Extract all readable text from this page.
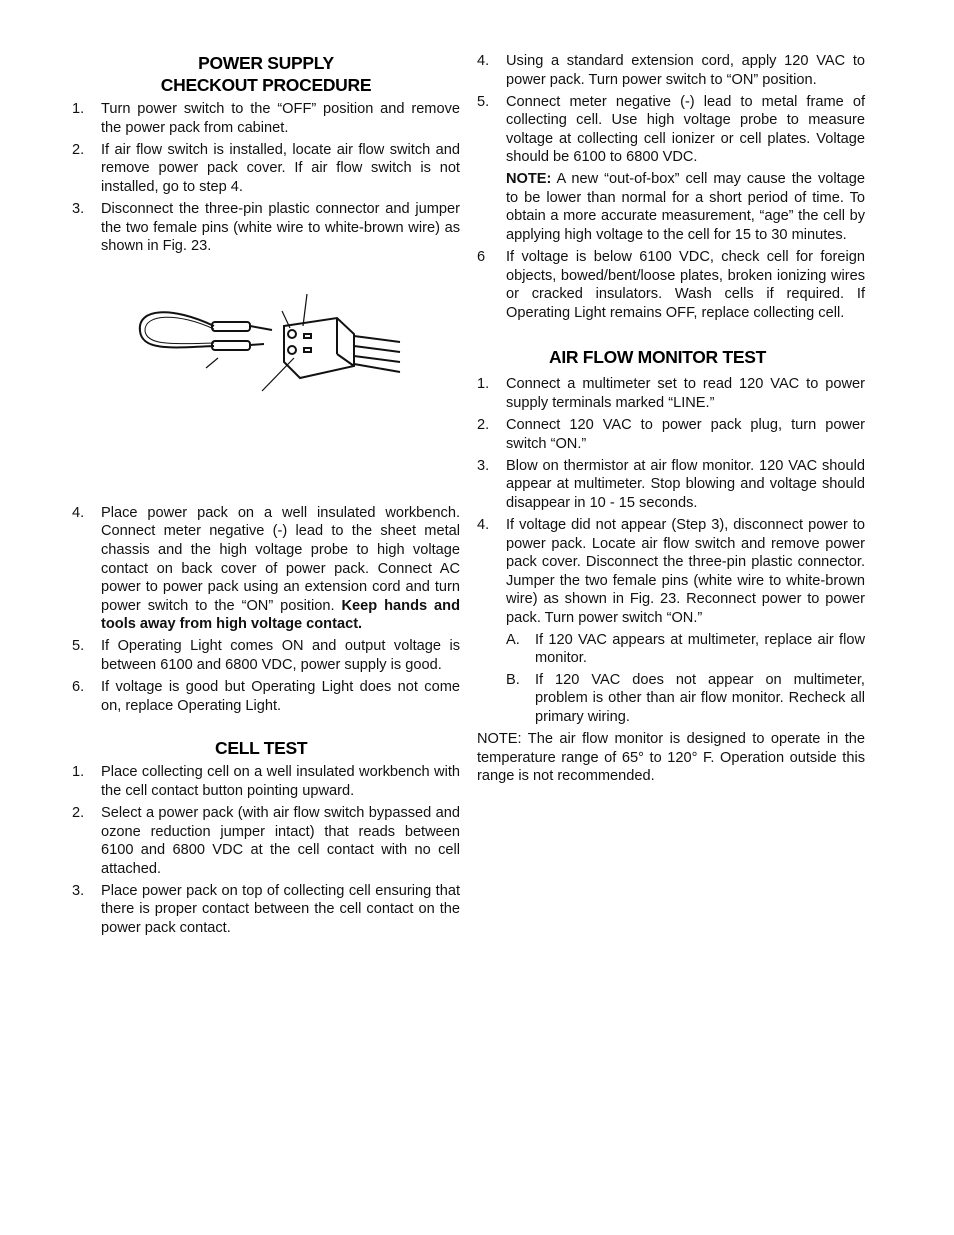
POWER SUPPLY
CHECKOUT PROCEDURE
1. Turn power switch to the “OFF” position and remove the power pack from cabinet.
2. If air flow switch is installed, locate air flow switch and remove power pack cover. If air flow switch is not installed, go to step 4.
3. Disconnect the three-pin plastic connector and jumper the two female pins (white wire to white-brown wire) as shown in Fig. 23.
4. Place power pack on a well insulated workbench. Connect meter negative (-) lead to the sheet metal chassis and the high voltage probe to high voltage contact on back cover of power pack. Connect AC power to power pack using an extension cord and turn power switch to the “ON” position. Keep hands and tools away from high voltage contact.
5. If Operating Light comes ON and output voltage is between 6100 and 6800 VDC, power supply is good.
6. If voltage is good but Operating Light does not come on, replace Operating Light.
CELL TEST
1. Place collecting cell on a well insulated workbench with the cell contact button pointing upward.
2. Select a power pack (with air flow switch bypassed and ozone reduction jumper intact) that reads between 6100 and 6800 VDC at the cell contact with no cell attached.
3. Place power pack on top of collecting cell ensuring that there is proper contact between the cell contact on the power pack contact.
4. Using a standard extension cord, apply 120 VAC to power pack. Turn power switch to “ON” position.
5. Connect meter negative (-) lead to metal frame of collecting cell. Use high voltage probe to measure voltage at collecting cell ionizer or cell plates. Voltage should be 6100 to 6800 VDC.
NOTE: A new “out-of-box” cell may cause the voltage to be lower than normal for a short period of time. To obtain a more accurate measurement, “age” the cell by applying high voltage to the cell for 15 to 30 minutes.
6 If voltage is below 6100 VDC, check cell for foreign objects, bowed/bent/loose plates, broken ionizing wires or cracked insulators. Wash cells if required. If Operating Light remains OFF, replace collecting cell.
AIR FLOW MONITOR TEST
1. Connect a multimeter set to read 120 VAC to power supply terminals marked “LINE.”
2. Connect 120 VAC to power pack plug, turn power switch “ON.”
3. Blow on thermistor at air flow monitor. 120 VAC should appear at multimeter. Stop blowing and voltage should disappear in 10 - 15 seconds.
4. If voltage did not appear (Step 3), disconnect power to power pack. Locate air flow switch and remove power pack cover. Disconnect the three-pin plastic connector. Jumper the two female pins (white wire to white-brown wire) as shown in Fig. 23. Reconnect power to power pack. Turn power switch “ON.”
A. If 120 VAC appears at multimeter, replace air flow monitor.
B. If 120 VAC does not appear on multimeter, problem is other than air flow monitor. Recheck all primary wiring.
NOTE: The air flow monitor is designed to operate in the temperature range of 65° to 120° F. Operation outside this range is not recommended.
